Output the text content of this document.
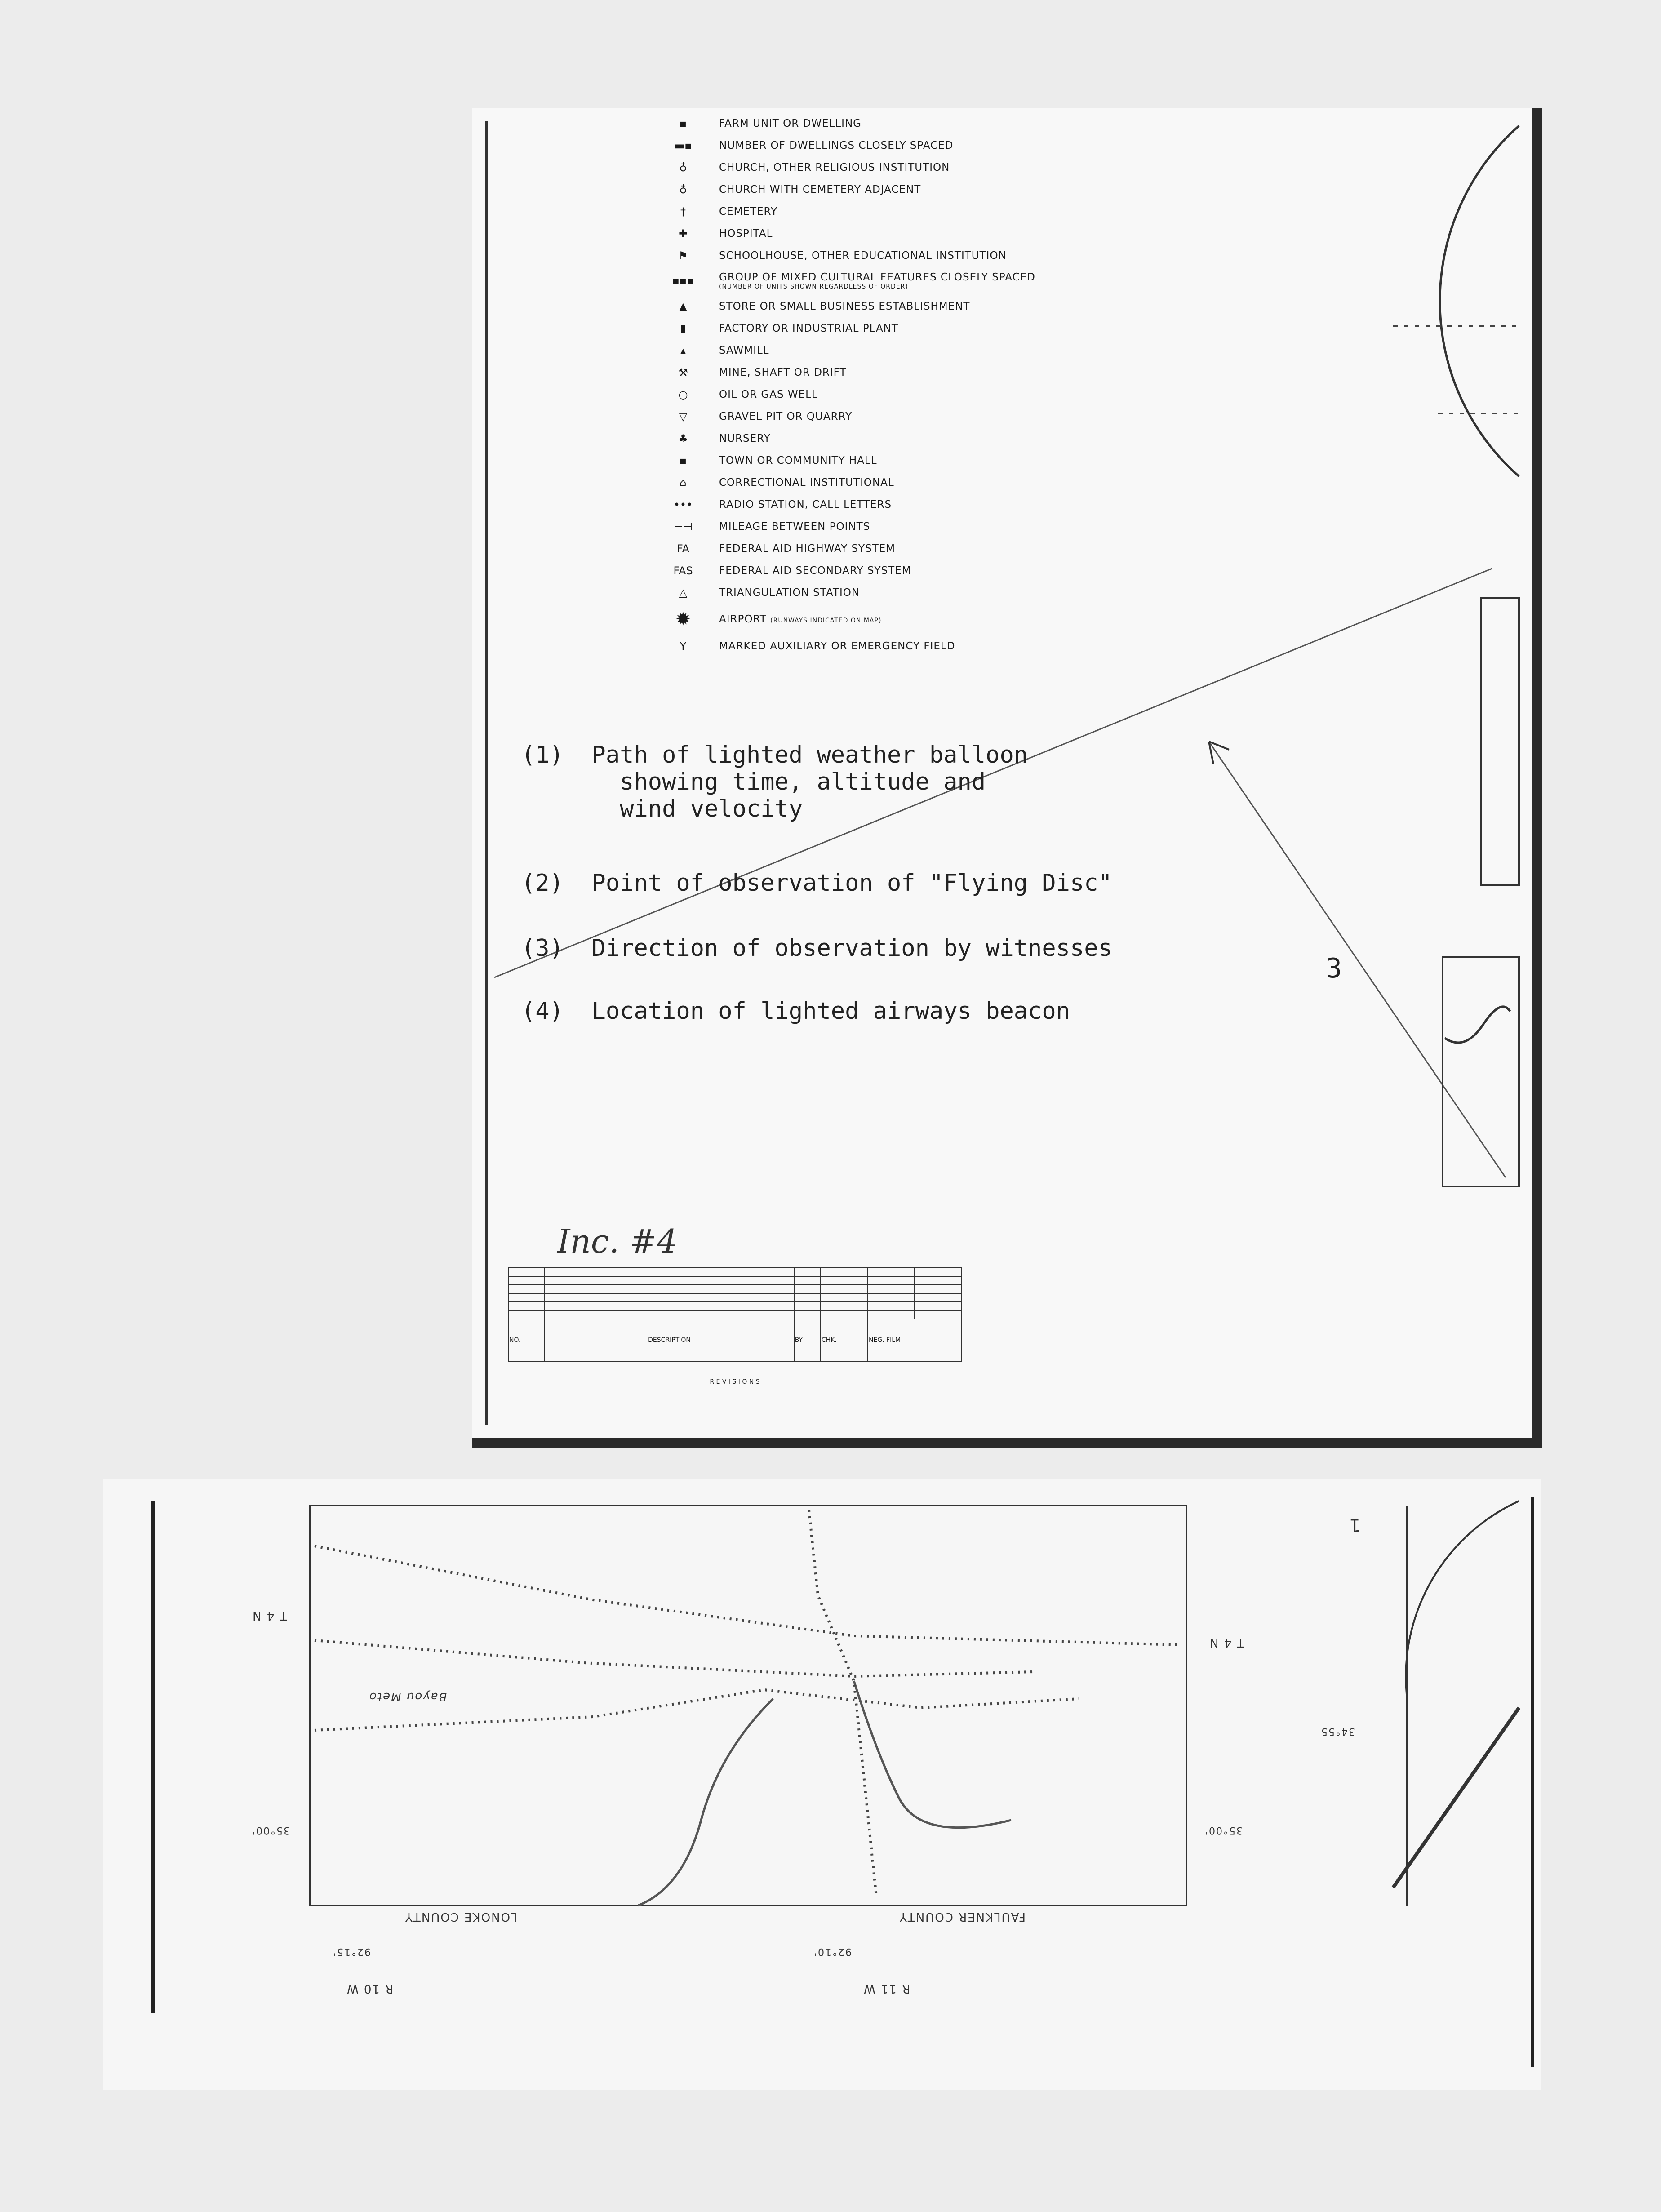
▪	FARM UNIT OR DWELLING
▬▪	NUMBER OF DWELLINGS CLOSELY SPACED
♁	CHURCH, OTHER RELIGIOUS INSTITUTION
♁	CHURCH WITH CEMETERY ADJACENT
†	CEMETERY
✚	HOSPITAL
⚑	SCHOOLHOUSE, OTHER EDUCATIONAL INSTITUTION
▪▪▪	GROUP OF MIXED CULTURAL FEATURES CLOSELY SPACED
(NUMBER OF UNITS SHOWN REGARDLESS OF ORDER)
▲	STORE OR SMALL BUSINESS ESTABLISHMENT
▮	FACTORY OR INDUSTRIAL PLANT
▴	SAWMILL
⚒	MINE, SHAFT OR DRIFT
○	OIL OR GAS WELL
▽	GRAVEL PIT OR QUARRY
♣	NURSERY
▪	TOWN OR COMMUNITY HALL
⌂	CORRECTIONAL INSTITUTIONAL
•••	RADIO STATION, CALL LETTERS
⊢⊣	MILEAGE BETWEEN POINTS
FA	FEDERAL AID HIGHWAY SYSTEM
FAS	FEDERAL AID SECONDARY SYSTEM
△	TRIANGULATION STATION
✹	AIRPORT (RUNWAYS INDICATED ON MAP)
Y	MARKED AUXILIARY OR EMERGENCY FIELD
(1) Path of lighted weather balloon
showing time, altitude and
wind velocity
(2) Point of observation of "Flying Disc"
(3) Direction of observation by witnesses
(4) Location of lighted airways beacon
3
Inc. #4

NO.	DESCRIPTION	BY	CHK.	NEG. FILM	
R E V I S I O N S					
T 4 N
T 4 N
R 10 W	R 11 W
LONOKE COUNTY	FAULKNER COUNTY
92°15'	92°10'
35°00'	35°00'
34°55'
Bayou Meto
1
